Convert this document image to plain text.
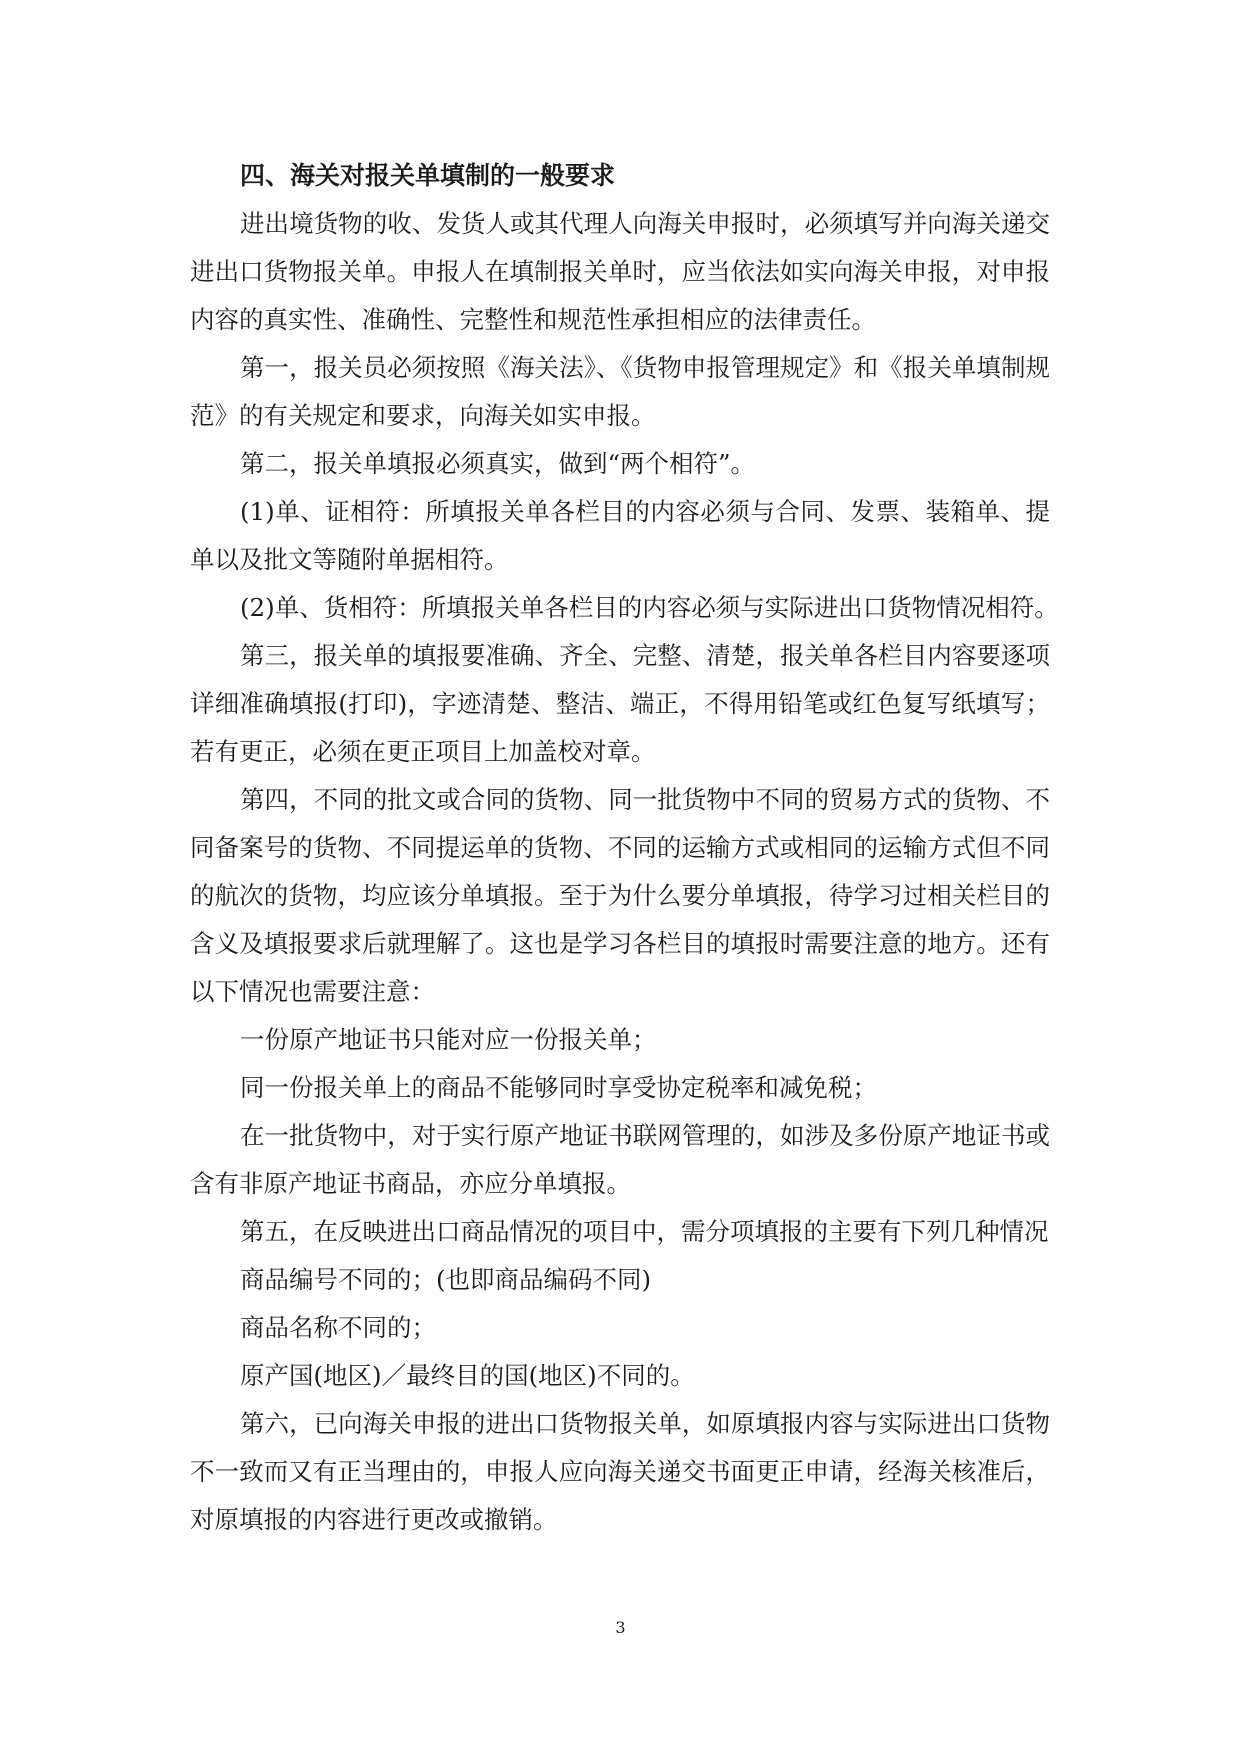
四、海关对报关单填制的一般要求

进出境货物的收、发货人或其代理人向海关申报时，必须填写并向海关递交进出口货物报关单。申报人在填制报关单时，应当依法如实向海关申报，对申报内容的真实性、准确性、完整性和规范性承担相应的法律责任。

第一，报关员必须按照《海关法》、《货物申报管理规定》和《报关单填制规范》的有关规定和要求，向海关如实申报。

第二，报关单填报必须真实，做到“两个相符”。

(1)单、证相符：所填报关单各栏目的内容必须与合同、发票、装箱单、提单以及批文等随附单据相符。

(2)单、货相符：所填报关单各栏目的内容必须与实际进出口货物情况相符。

第三，报关单的填报要准确、齐全、完整、清楚，报关单各栏目内容要逐项详细准确填报(打印)，字迹清楚、整洁、端正，不得用铅笔或红色复写纸填写；若有更正，必须在更正项目上加盖校对章。

第四，不同的批文或合同的货物、同一批货物中不同的贸易方式的货物、不同备案号的货物、不同提运单的货物、不同的运输方式或相同的运输方式但不同的航次的货物，均应该分单填报。至于为什么要分单填报，待学习过相关栏目的含义及填报要求后就理解了。这也是学习各栏目的填报时需要注意的地方。还有以下情况也需要注意：

一份原产地证书只能对应一份报关单；

同一份报关单上的商品不能够同时享受协定税率和减免税；

在一批货物中，对于实行原产地证书联网管理的，如涉及多份原产地证书或含有非原产地证书商品，亦应分单填报。

第五，在反映进出口商品情况的项目中，需分项填报的主要有下列几种情况

商品编号不同的；(也即商品编码不同)

商品名称不同的；

原产国(地区)／最终目的国(地区)不同的。

第六，已向海关申报的进出口货物报关单，如原填报内容与实际进出口货物不一致而又有正当理由的，申报人应向海关递交书面更正申请，经海关核准后，对原填报的内容进行更改或撤销。

3
